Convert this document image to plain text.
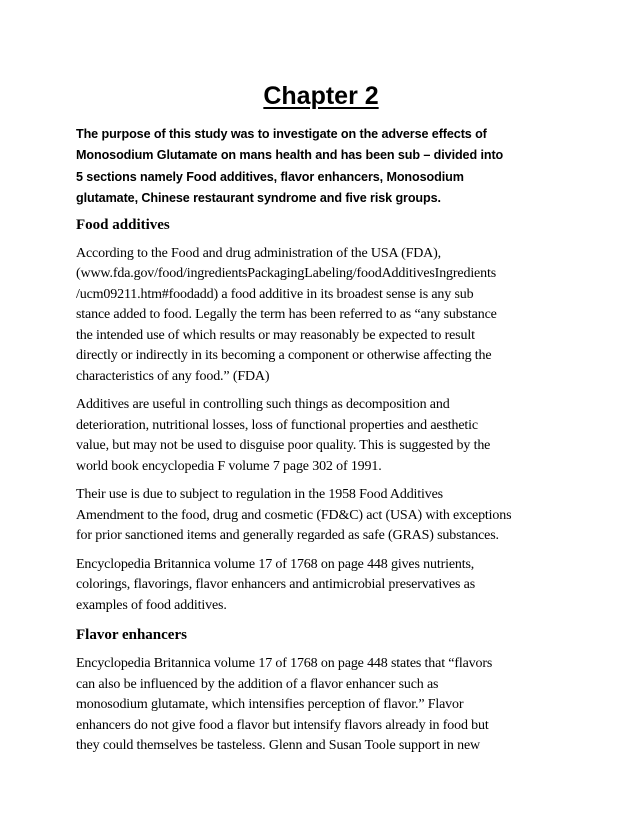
Chapter 2

The purpose of this study was to investigate on the adverse effects of
Monosodium Glutamate on mans health and has been sub – divided into
5 sections namely Food additives, flavor enhancers, Monosodium
glutamate, Chinese restaurant syndrome and five risk groups.

Food additives

According to the Food and drug administration of the USA (FDA),
(www.fda.gov/food/ingredientsPackagingLabeling/foodAdditivesIngredients
/ucm09211.htm#foodadd) a food additive in its broadest sense is any sub
stance added to food. Legally the term has been referred to as “any substance
the intended use of which results or may reasonably be expected to result
directly or indirectly in its becoming a component or otherwise affecting the
characteristics of any food.” (FDA)

Additives are useful in controlling such things as decomposition and
deterioration, nutritional losses, loss of functional properties and aesthetic
value, but may not be used to disguise poor quality. This is suggested by the
world book encyclopedia F volume 7 page 302 of 1991.

Their use is due to subject to regulation in the 1958 Food Additives
Amendment to the food, drug and cosmetic (FD&C) act (USA) with exceptions
for prior sanctioned items and generally regarded as safe (GRAS) substances.

Encyclopedia Britannica volume 17 of 1768 on page 448 gives nutrients,
colorings, flavorings, flavor enhancers and antimicrobial preservatives as
examples of food additives.

Flavor enhancers

Encyclopedia Britannica volume 17 of 1768 on page 448 states that “flavors
can also be influenced by the addition of a flavor enhancer such as
monosodium glutamate, which intensifies perception of flavor.” Flavor
enhancers do not give food a flavor but intensify flavors already in food but
they could themselves be tasteless. Glenn and Susan Toole support in new
